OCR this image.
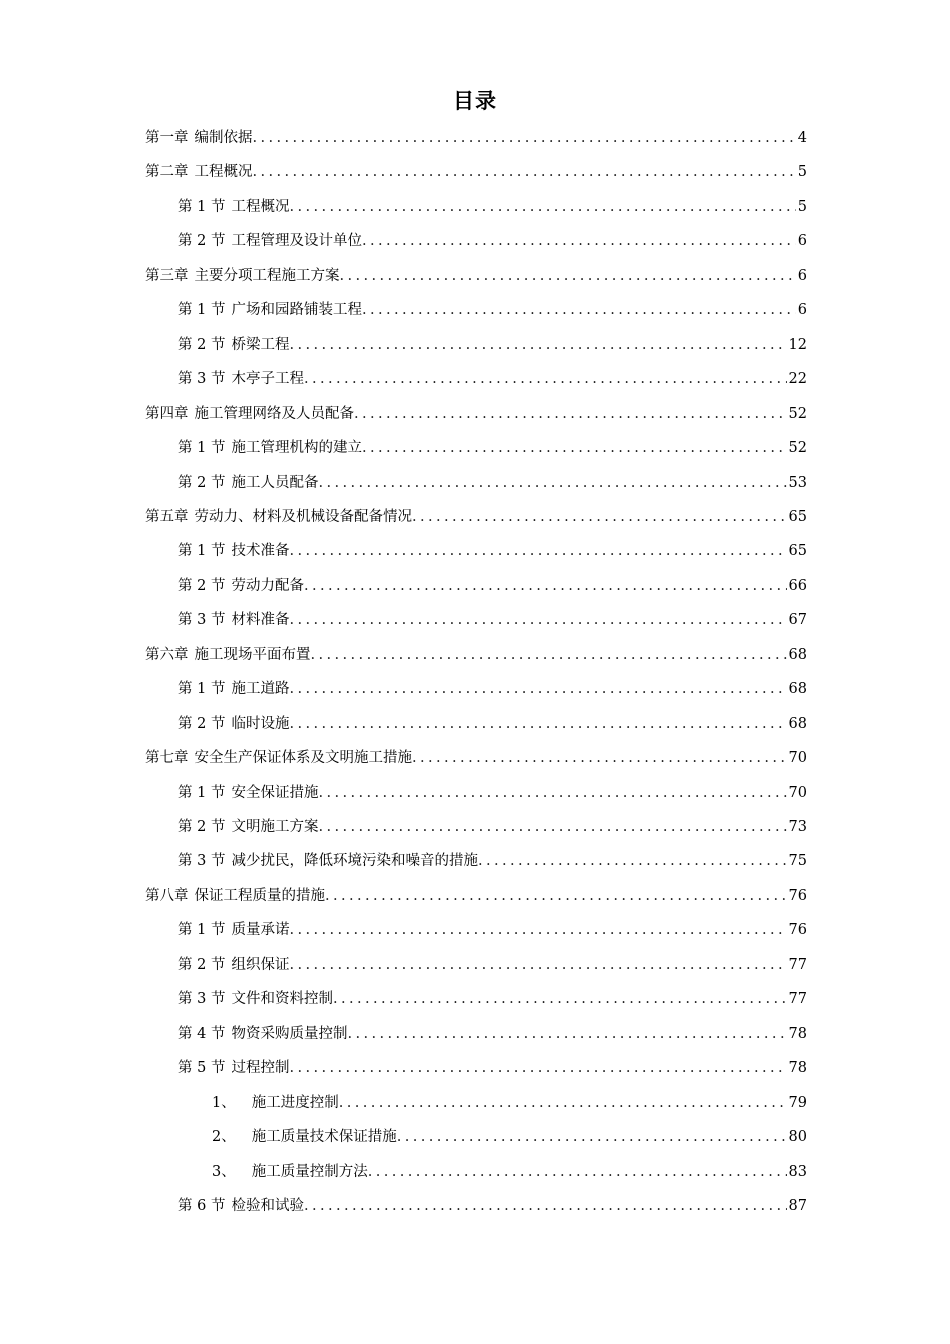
目录
第一章 编制依据 .....	4
第二章 工程概况 .....	5
第 1 节 工程概况 .....	5
第 2 节 工程管理及设计单位 .....	6
第三章 主要分项工程施工方案 .....	6
第 1 节 广场和园路铺装工程 .....	6
第 2 节 桥梁工程 .....	12
第 3 节 木亭子工程 .....	22
第四章 施工管理网络及人员配备 .....	52
第 1 节 施工管理机构的建立 .....	52
第 2 节 施工人员配备 .....	53
第五章 劳动力、材料及机械设备配备情况 .....	65
第 1 节 技术准备 .....	65
第 2 节 劳动力配备 .....	66
第 3 节 材料准备 .....	67
第六章 施工现场平面布置 .....	68
第 1 节 施工道路 .....	68
第 2 节 临时设施 .....	68
第七章 安全生产保证体系及文明施工措施 .....	70
第 1 节 安全保证措施 .....	70
第 2 节 文明施工方案 .....	73
第 3 节 减少扰民，降低环境污染和噪音的措施 .....	75
第八章 保证工程质量的措施 .....	76
第 1 节 质量承诺 .....	76
第 2 节 组织保证 .....	77
第 3 节 文件和资料控制 .....	77
第 4 节 物资采购质量控制 .....	78
第 5 节 过程控制 .....	78
1、 施工进度控制 .....	79
2、 施工质量技术保证措施 .....	80
3、 施工质量控制方法 .....	83
第 6 节 检验和试验 .....	87
